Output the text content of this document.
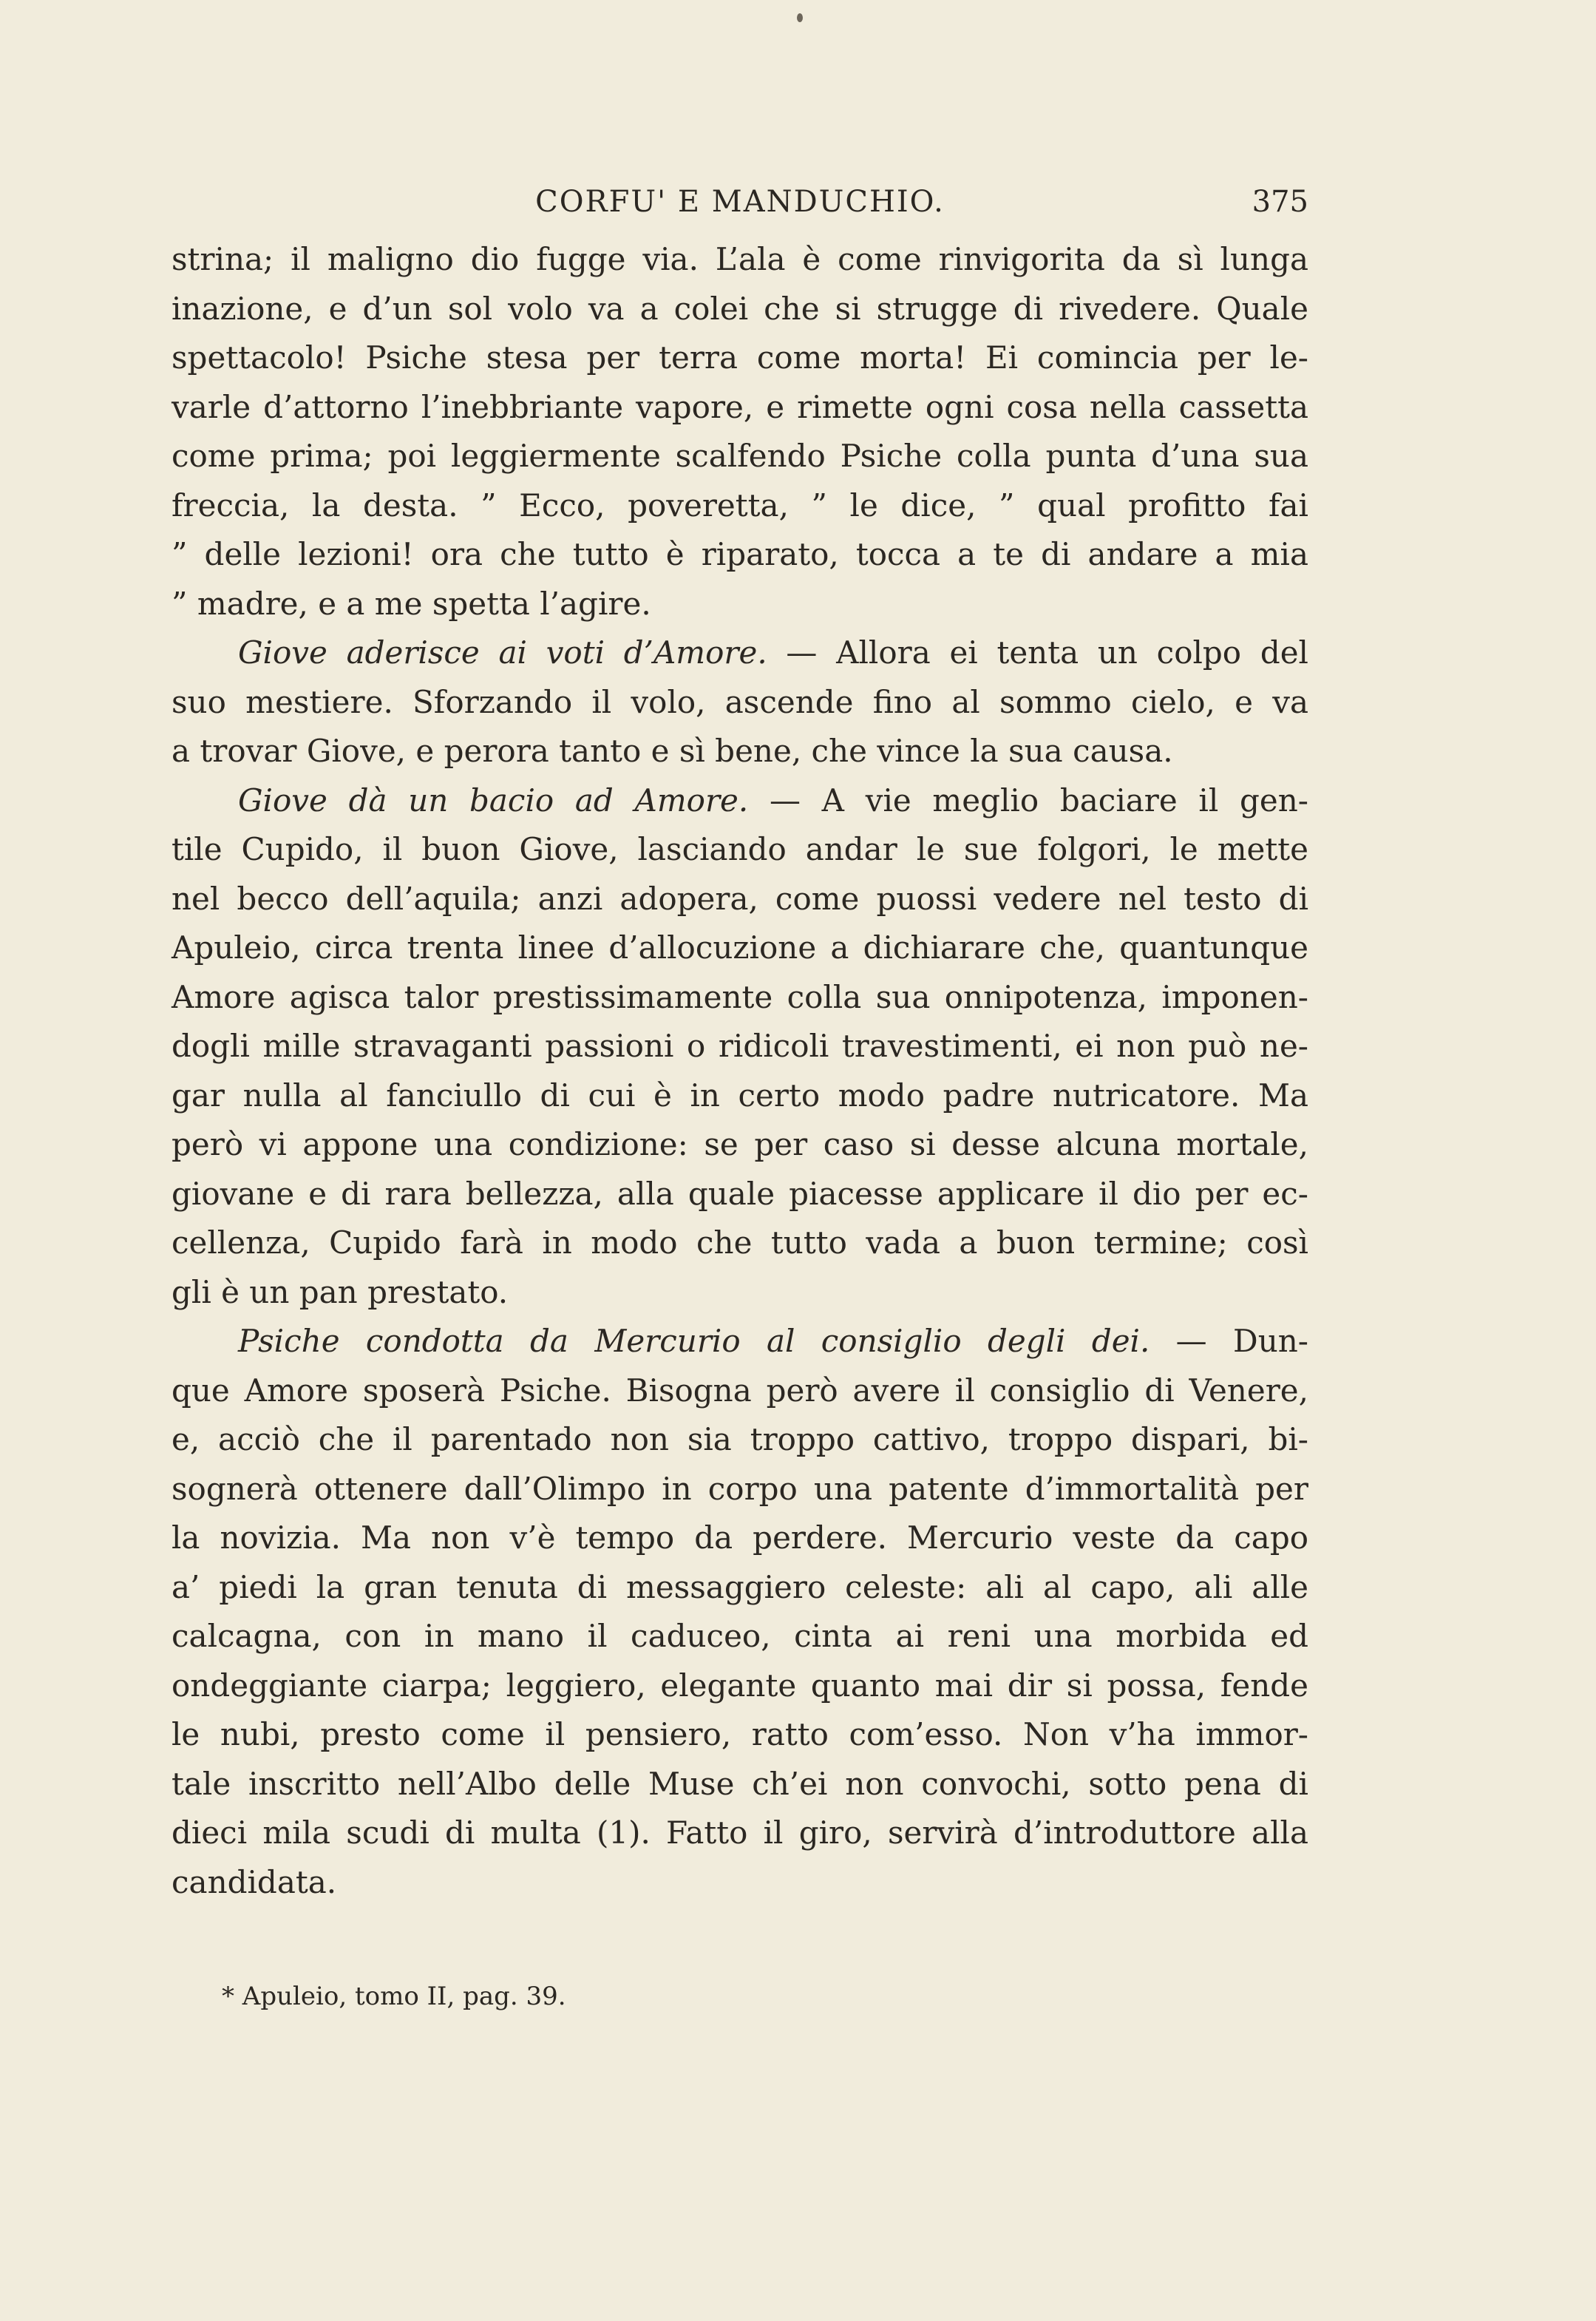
CORFU' E MANDUCHIO.	375
strina; il maligno dio fugge via. L’ala è come rinvigorita da sì lunga
inazione, e d’un sol volo va a colei che si strugge di rivedere. Quale
spettacolo! Psiche stesa per terra come morta! Ei comincia per le-
varle d’attorno l’inebbriante vapore, e rimette ogni cosa nella cassetta
come prima; poi leggiermente scalfendo Psiche colla punta d’una sua
freccia, la desta. ” Ecco, poveretta, ” le dice, ” qual profitto fai
” delle lezioni! ora che tutto è riparato, tocca a te di andare a mia
” madre, e a me spetta l’agire.
Giove aderisce ai voti d’Amore. — Allora ei tenta un colpo del
suo mestiere. Sforzando il volo, ascende fino al sommo cielo, e va
a trovar Giove, e perora tanto e sì bene, che vince la sua causa.
Giove dà un bacio ad Amore. — A vie meglio baciare il gen-
tile Cupido, il buon Giove, lasciando andar le sue folgori, le mette
nel becco dell’aquila; anzi adopera, come puossi vedere nel testo di
Apuleio, circa trenta linee d’allocuzione a dichiarare che, quantunque
Amore agisca talor prestissimamente colla sua onnipotenza, imponen-
dogli mille stravaganti passioni o ridicoli travestimenti, ei non può ne-
gar nulla al fanciullo di cui è in certo modo padre nutricatore. Ma
però vi appone una condizione: se per caso si desse alcuna mortale,
giovane e di rara bellezza, alla quale piacesse applicare il dio per ec-
cellenza, Cupido farà in modo che tutto vada a buon termine; così
gli è un pan prestato.
Psiche condotta da Mercurio al consiglio degli dei. — Dun-
que Amore sposerà Psiche. Bisogna però avere il consiglio di Venere,
e, acciò che il parentado non sia troppo cattivo, troppo dispari, bi-
sognerà ottenere dall’Olimpo in corpo una patente d’immortalità per
la novizia. Ma non v’è tempo da perdere. Mercurio veste da capo
a’ piedi la gran tenuta di messaggiero celeste: ali al capo, ali alle
calcagna, con in mano il caduceo, cinta ai reni una morbida ed
ondeggiante ciarpa; leggiero, elegante quanto mai dir si possa, fende
le nubi, presto come il pensiero, ratto com’esso. Non v’ha immor-
tale inscritto nell’Albo delle Muse ch’ei non convochi, sotto pena di
dieci mila scudi di multa (1). Fatto il giro, servirà d’introduttore alla
candidata.
* Apuleio, tomo II, pag. 39.
